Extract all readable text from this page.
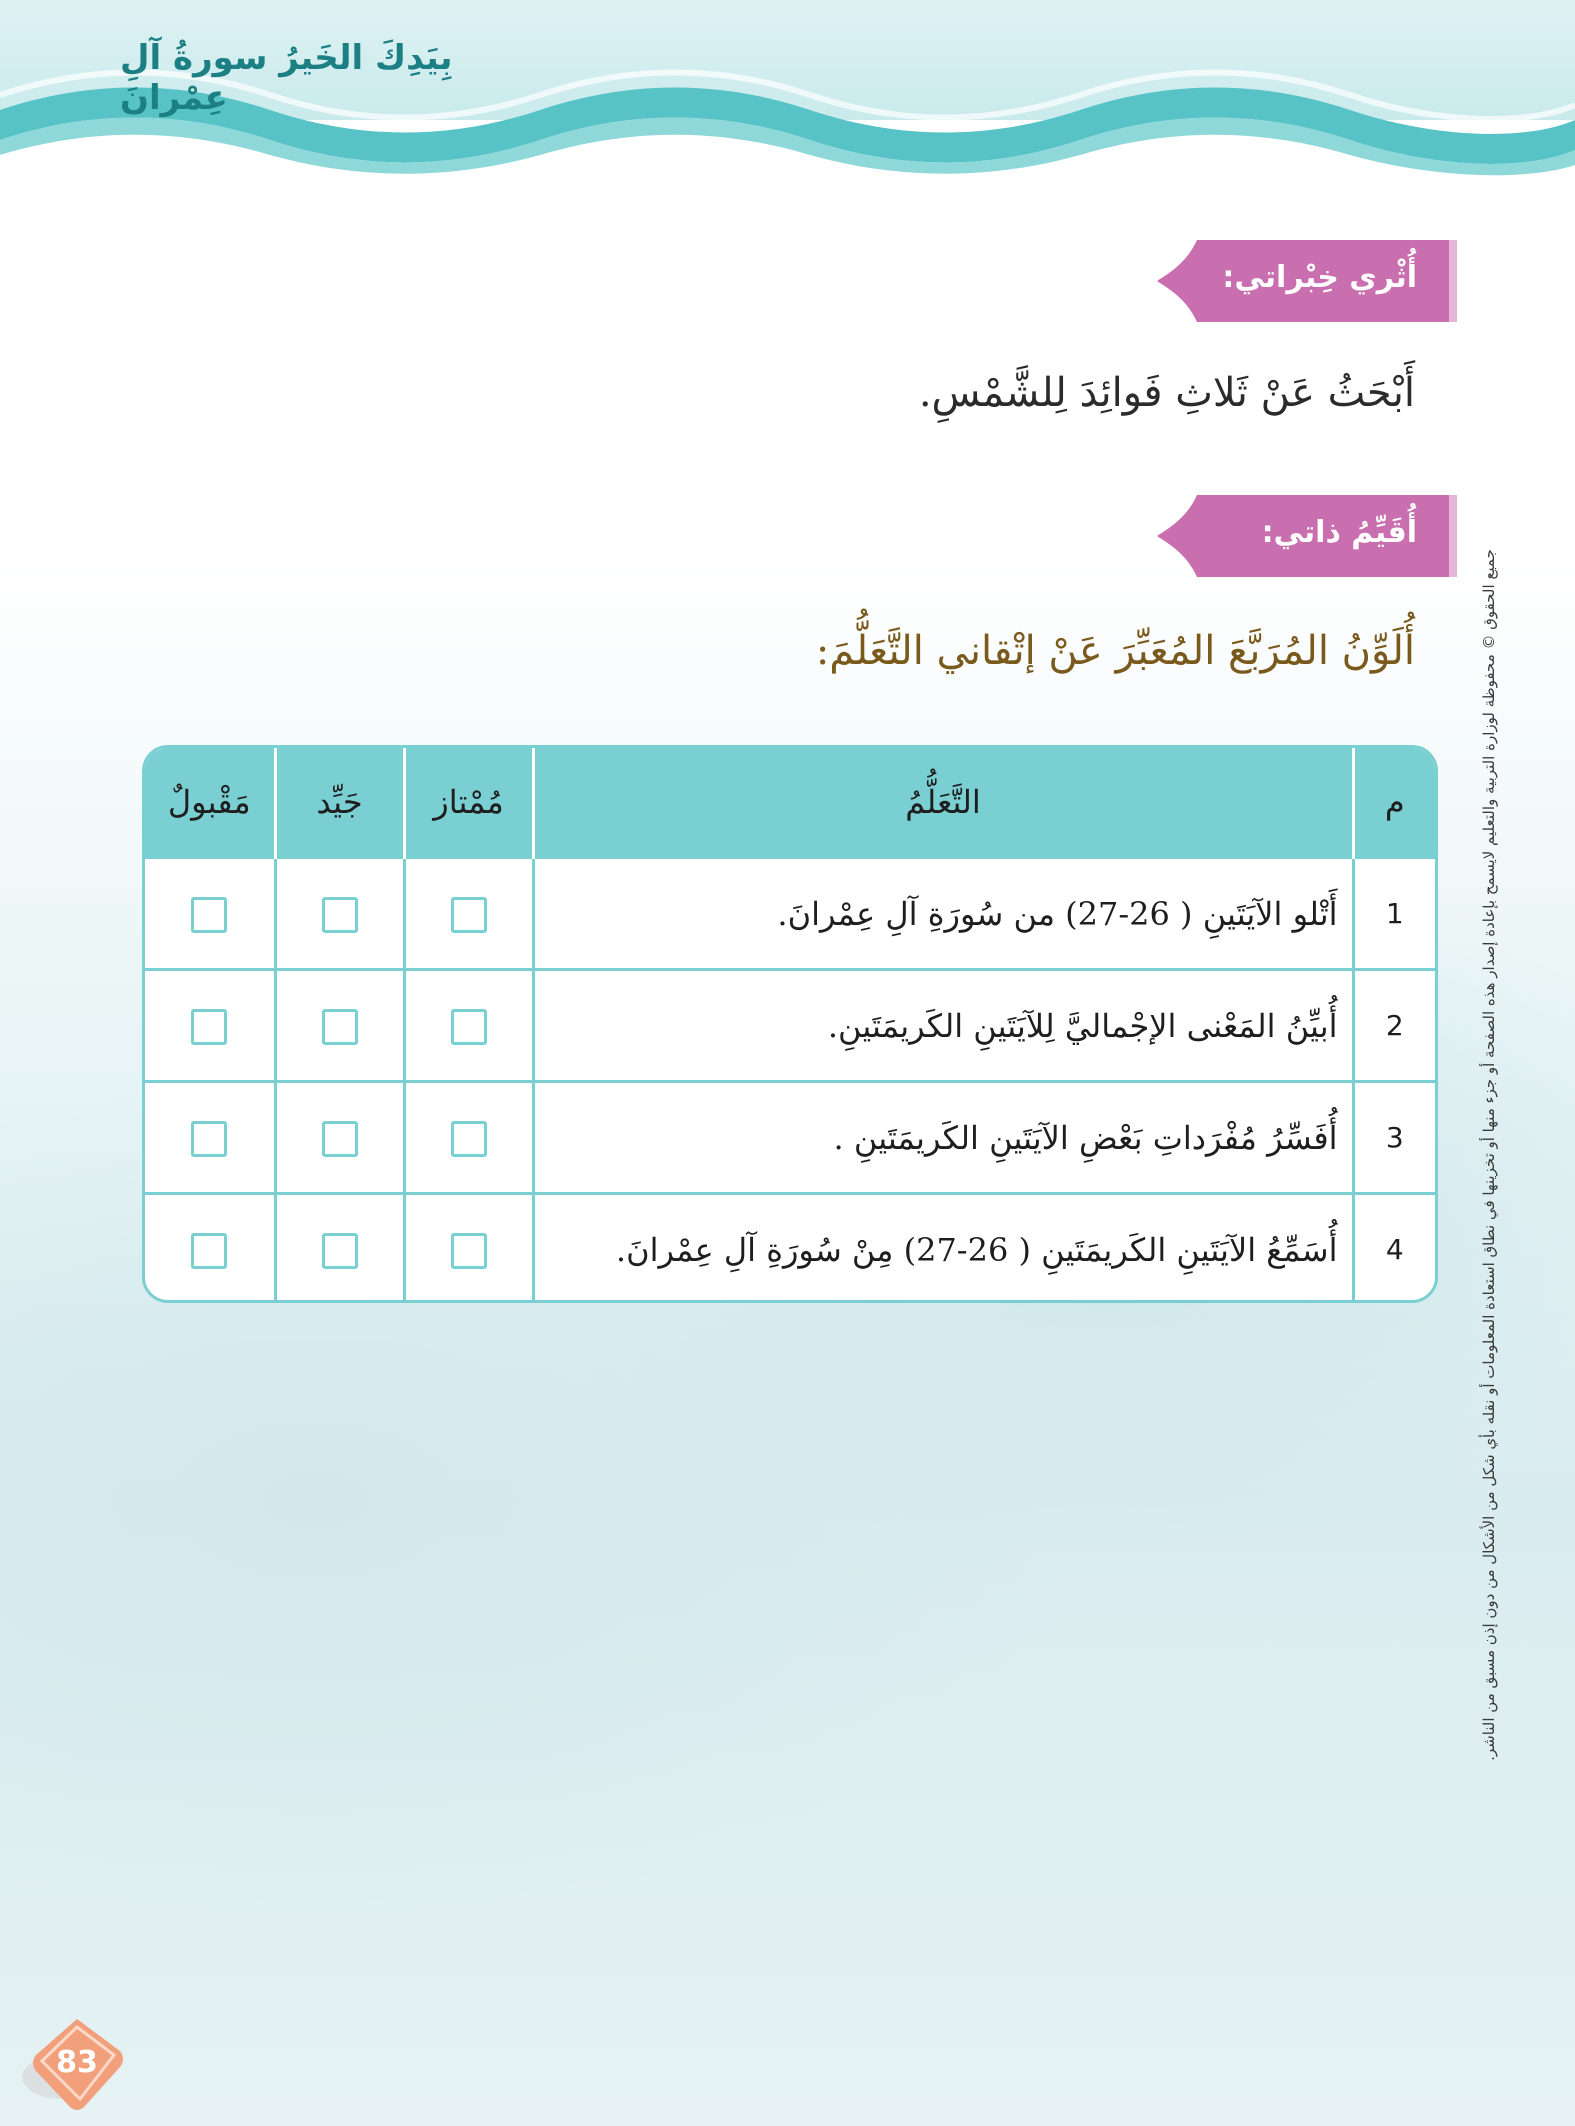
بِيَدِكَ الخَيرُ سورةُ آلِ عِمْرانَ
أُثْري خِبْراتي:
أَبْحَثُ عَنْ ثَلاثِ فَوائِدَ لِلشَّمْسِ.
أُقَيِّمُ ذاتي:
أُلَوِّنُ المُرَبَّعَ المُعَبِّرَ عَنْ إتْقاني التَّعَلُّمَ:
م	التَّعَلُّمُ	مُمْتاز	جَيِّد	مَقْبولٌ
1	أَتْلو الآيَتَينِ ( 26-27) من سُورَةِ آلِ عِمْرانَ.			
2	أُبيِّنُ المَعْنى الإجْماليَّ لِلآيَتَينِ الكَريمَتَينِ.			
3	أُفَسِّرُ مُفْرَداتِ بَعْضِ الآيَتَينِ الكَريمَتَينِ .			
4	أُسَمِّعُ الآيَتَينِ الكَريمَتَينِ ( 26-27) مِنْ سُورَةِ آلِ عِمْرانَ.				جميع الحقوق © محفوظة لوزارة التربية والتعليم لايسمح بإعادة إصدار هذه الصفحة أو جزء منها أو تخزينها في نطاق استعادة المعلومات أو نقله بأي شكل من الأشكال من دون إذن مسبق من الناشر.
83
